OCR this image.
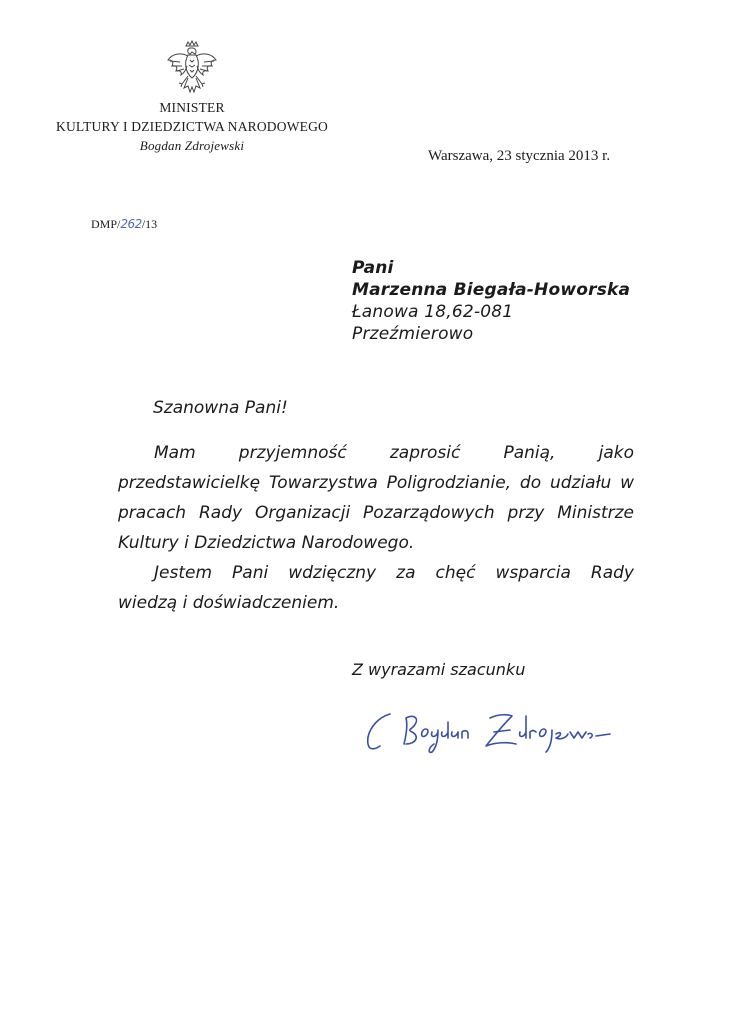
MINISTER
KULTURY I DZIEDZICTWA NARODOWEGO
Bogdan Zdrojewski
Warszawa, 23 stycznia 2013 r.
DMP/262/13
Pani
Marzenna Biegała-Howorska
Łanowa 18,62-081
Przeźmierowo
Szanowna Pani!
Mam przyjemność zaprosić Panią, jako
przedstawicielkę Towarzystwa Poligrodzianie, do udziału w
pracach Rady Organizacji Pozarządowych przy Ministrze
Kultury i Dziedzictwa Narodowego.
Jestem Pani wdzięczny za chęć wsparcia Rady
wiedzą i doświadczeniem.
Z wyrazami szacunku
